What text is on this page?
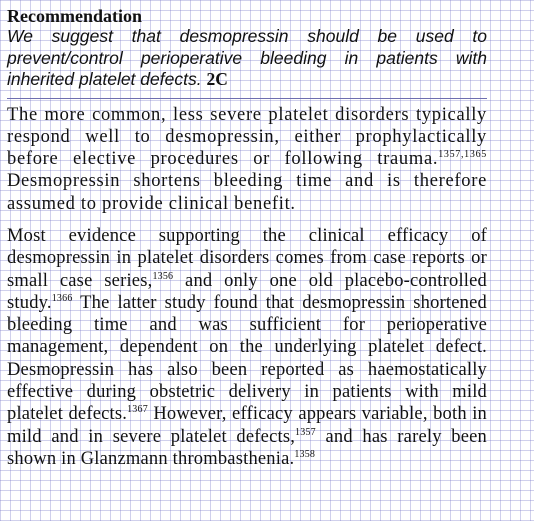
Recommendation

We suggest that desmopressin should be used to prevent/control perioperative bleeding in patients with inherited platelet defects. 2C

The more common, less severe platelet disorders typically respond well to desmopressin, either prophylactically before elective procedures or following trauma.$^{1357,1365}$ Desmopressin shortens bleeding time and is therefore assumed to provide clinical benefit.

Most evidence supporting the clinical efficacy of desmopressin in platelet disorders comes from case reports or small case series,$^{1356}$ and only one old placebo-controlled study.$^{1366}$ The latter study found that desmopressin shortened bleeding time and was sufficient for perioperative management, dependent on the underlying platelet defect. Desmopressin has also been reported as haemostatically effective during obstetric delivery in patients with mild platelet defects.$^{1367}$ However, efficacy appears variable, both in mild and in severe platelet defects,$^{1357}$ and has rarely been shown in Glanzmann thrombasthenia.$^{1358}$
